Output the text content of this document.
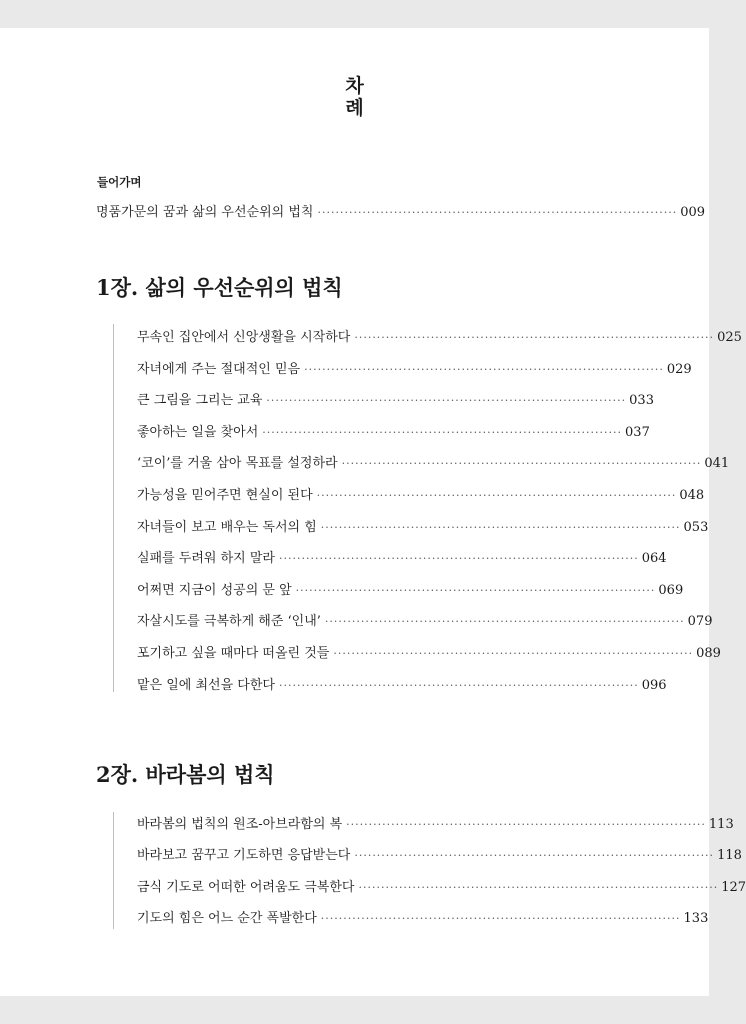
차
례
들어가며
명품가문의 꿈과 삶의 우선순위의 법칙 ················································································ 009
1장. 삶의 우선순위의 법칙
무속인 집안에서 신앙생활을 시작하다 ················································································ 025
자녀에게 주는 절대적인 믿음 ················································································ 029
큰 그림을 그리는 교육 ················································································ 033
좋아하는 일을 찾아서 ················································································ 037
‘코이’를 거울 삼아 목표를 설정하라 ················································································ 041
가능성을 믿어주면 현실이 된다 ················································································ 048
자녀들이 보고 배우는 독서의 힘 ················································································ 053
실패를 두려워 하지 말라 ················································································ 064
어쩌면 지금이 성공의 문 앞 ················································································ 069
자살시도를 극복하게 해준 ‘인내’ ················································································ 079
포기하고 싶을 때마다 떠올린 것들 ················································································ 089
맡은 일에 최선을 다한다 ················································································ 096
2장. 바라봄의 법칙
바라봄의 법칙의 원조-아브라함의 복 ················································································ 113
바라보고 꿈꾸고 기도하면 응답받는다 ················································································ 118
금식 기도로 어떠한 어려움도 극복한다 ················································································ 127
기도의 힘은 어느 순간 폭발한다 ················································································ 133
